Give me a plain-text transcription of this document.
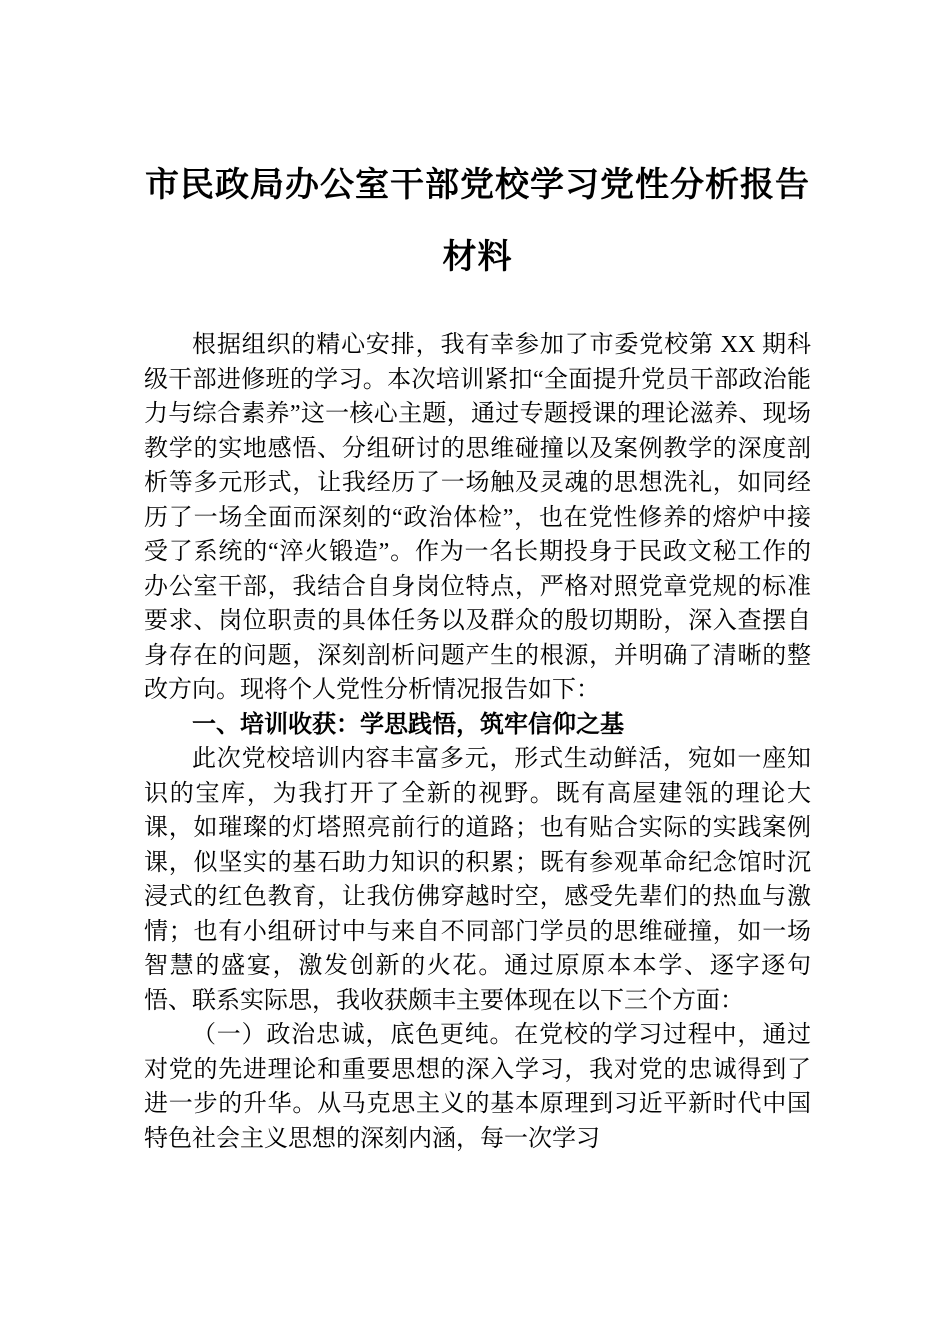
市民政局办公室干部党校学习党性分析报告材料

根据组织的精心安排，我有幸参加了市委党校第 XX 期科级干部进修班的学习。本次培训紧扣“全面提升党员干部政治能力与综合素养”这一核心主题，通过专题授课的理论滋养、现场教学的实地感悟、分组研讨的思维碰撞以及案例教学的深度剖析等多元形式，让我经历了一场触及灵魂的思想洗礼，如同经历了一场全面而深刻的“政治体检”，也在党性修养的熔炉中接受了系统的“淬火锻造”。作为一名长期投身于民政文秘工作的办公室干部，我结合自身岗位特点，严格对照党章党规的标准要求、岗位职责的具体任务以及群众的殷切期盼，深入查摆自身存在的问题，深刻剖析问题产生的根源，并明确了清晰的整改方向。现将个人党性分析情况报告如下：

一、培训收获：学思践悟，筑牢信仰之基

此次党校培训内容丰富多元，形式生动鲜活，宛如一座知识的宝库，为我打开了全新的视野。既有高屋建瓴的理论大课，如璀璨的灯塔照亮前行的道路；也有贴合实际的实践案例课，似坚实的基石助力知识的积累；既有参观革命纪念馆时沉浸式的红色教育，让我仿佛穿越时空，感受先辈们的热血与激情；也有小组研讨中与来自不同部门学员的思维碰撞，如一场智慧的盛宴，激发创新的火花。通过原原本本学、逐字逐句悟、联系实际思，我收获颇丰主要体现在以下三个方面：

（一）政治忠诚，底色更纯。在党校的学习过程中，通过对党的先进理论和重要思想的深入学习，我对党的忠诚得到了进一步的升华。从马克思主义的基本原理到习近平新时代中国特色社会主义思想的深刻内涵，每一次学习
